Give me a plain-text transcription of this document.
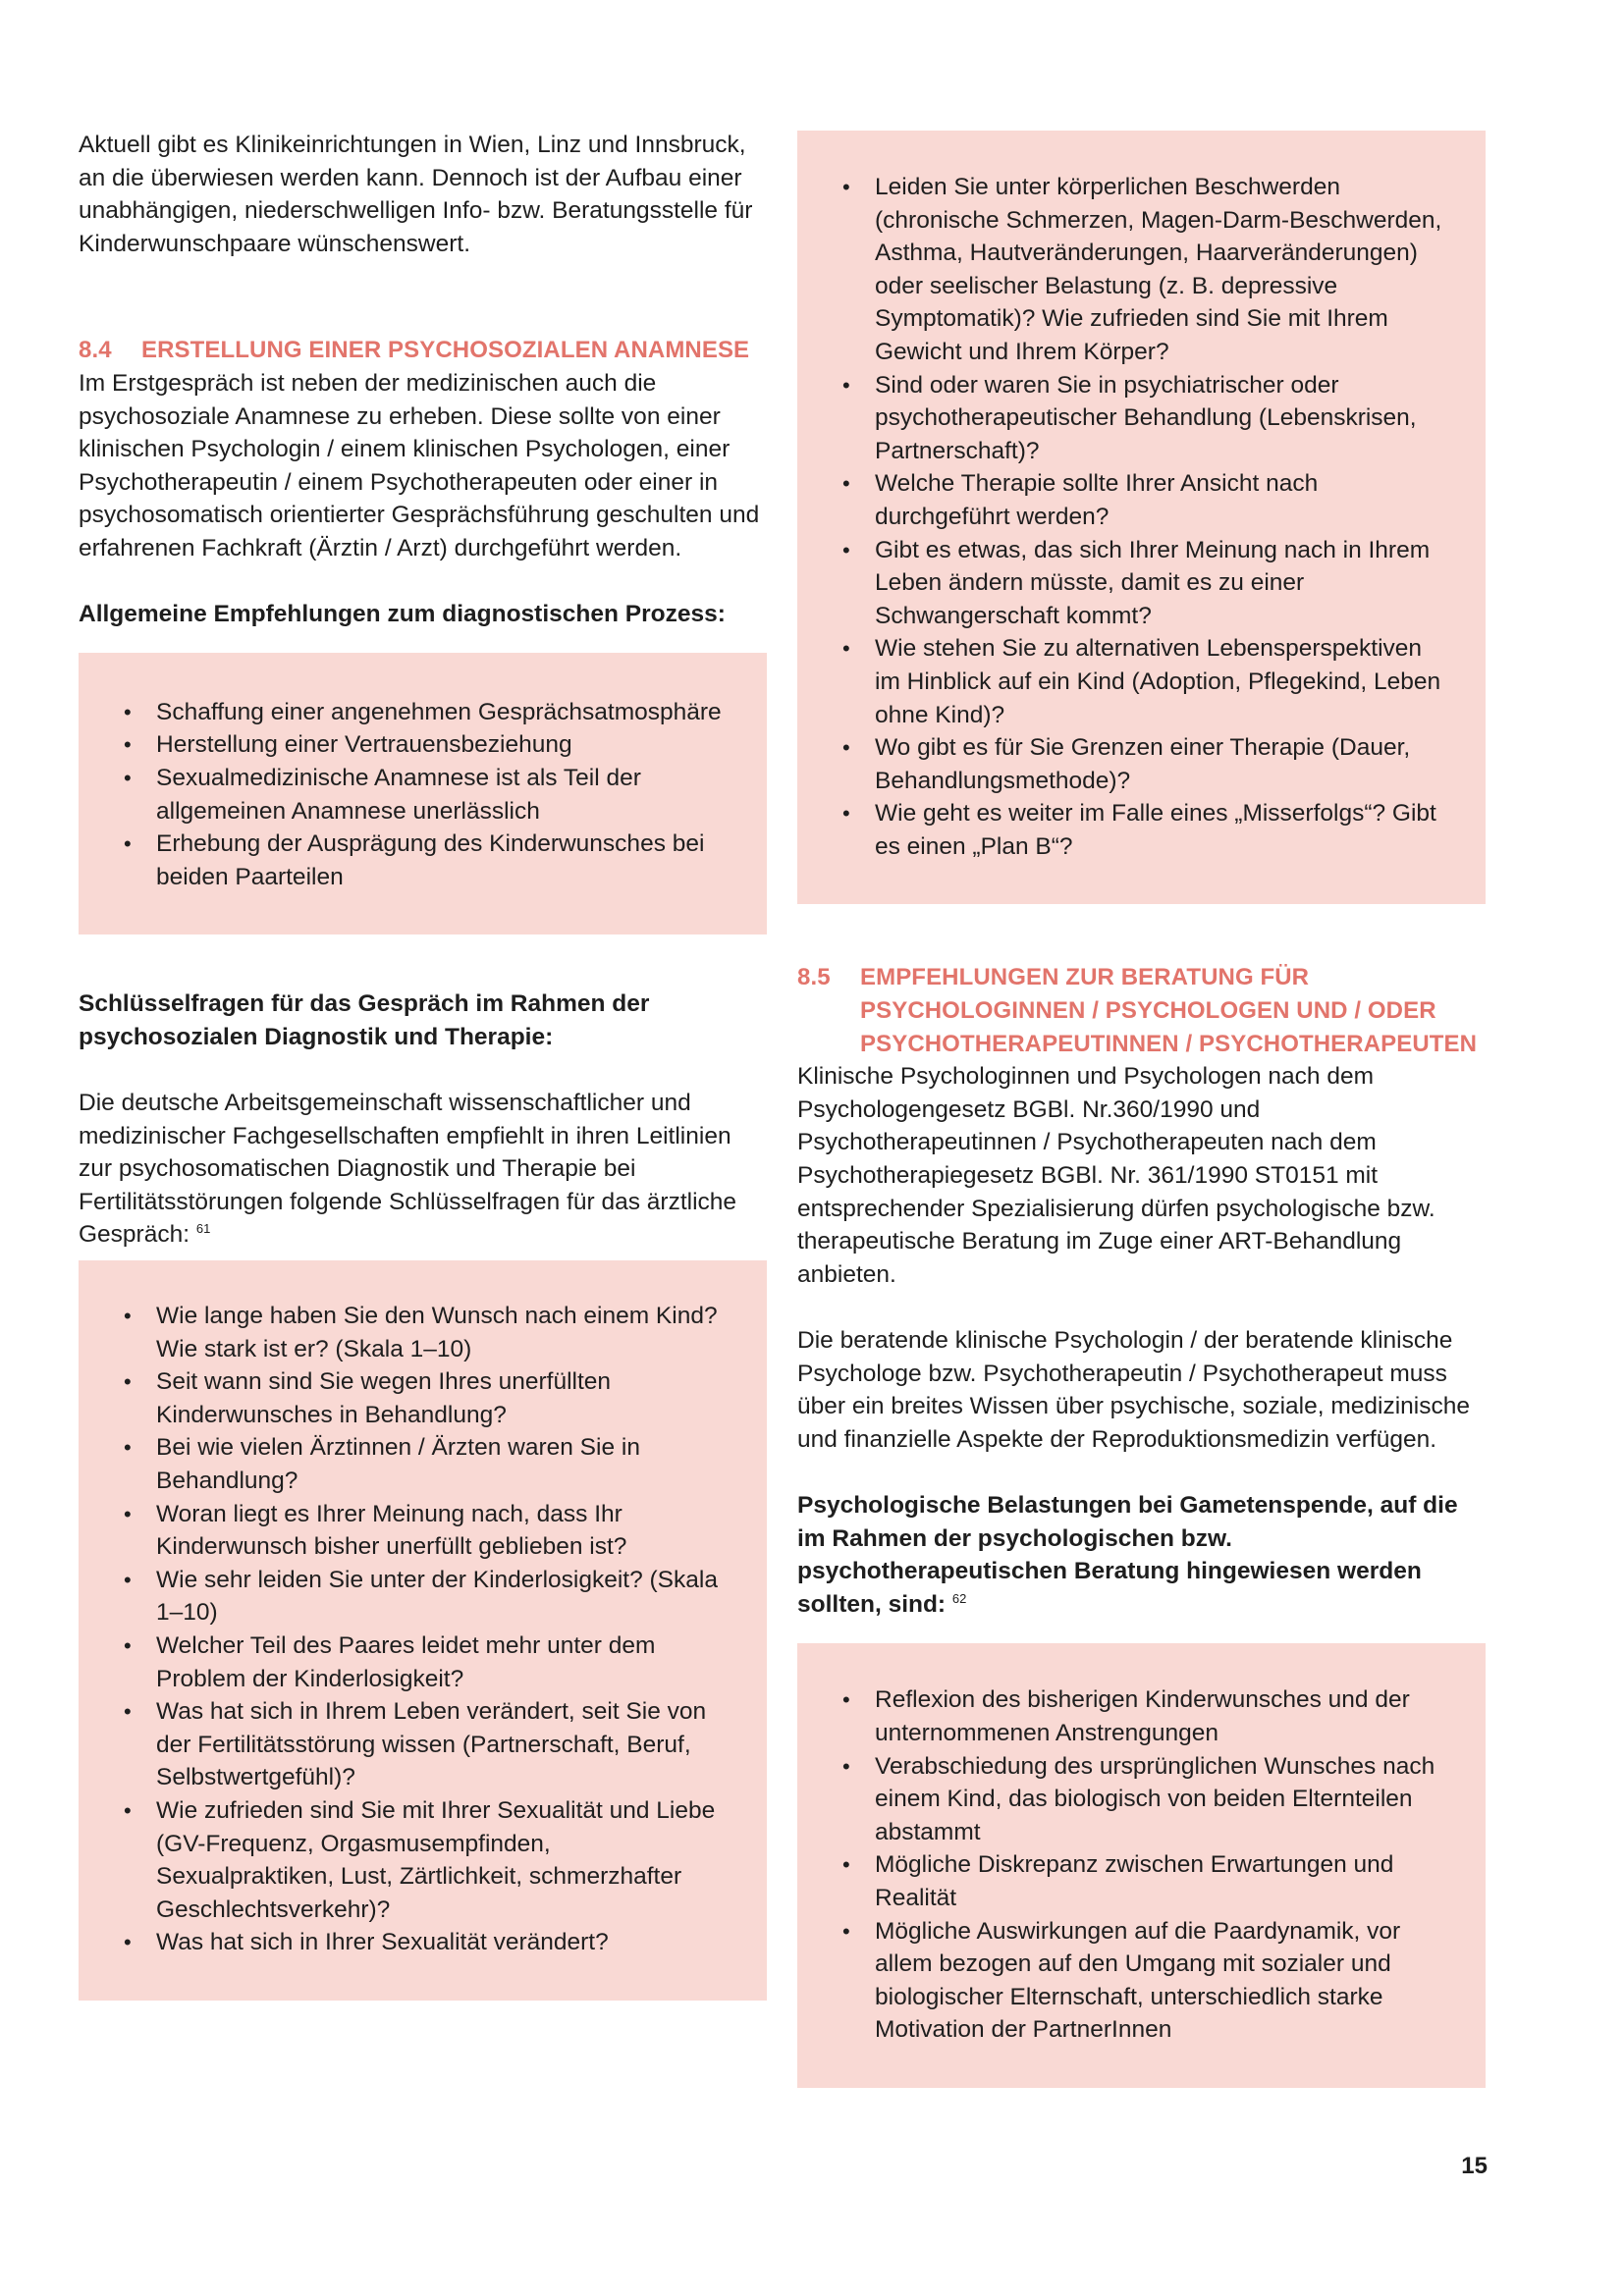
Aktuell gibt es Klinikeinrichtungen in Wien, Linz und Innsbruck, an die überwiesen werden kann. Dennoch ist der Aufbau einer unabhängigen, niederschwelligen Info- bzw. Beratungsstelle für Kinderwunschpaare wünschenswert.

8.4	ERSTELLUNG EINER PSYCHOSOZIALEN ANAMNESE

Im Erstgespräch ist neben der medizinischen auch die psychosoziale Anamnese zu erheben. Diese sollte von einer klinischen Psychologin / einem klinischen Psychologen, einer Psychotherapeutin / einem Psychotherapeuten oder einer in psychosomatisch orientierter Gesprächsführung geschulten und erfahrenen Fachkraft (Ärztin / Arzt) durchgeführt werden.

Allgemeine Empfehlungen zum diagnostischen Prozess:

• Schaffung einer angenehmen Gesprächsatmosphäre
• Herstellung einer Vertrauensbeziehung
• Sexualmedizinische Anamnese ist als Teil der allgemeinen Anamnese unerlässlich
• Erhebung der Ausprägung des Kinderwunsches bei beiden Paarteilen

Schlüsselfragen für das Gespräch im Rahmen der psychosozialen Diagnostik und Therapie:

Die deutsche Arbeitsgemeinschaft wissenschaftlicher und medizinischer Fachgesellschaften empfiehlt in ihren Leitlinien zur psychosomatischen Diagnostik und Therapie bei Fertilitätsstörungen folgende Schlüsselfragen für das ärztliche Gespräch: $^{61}$

• Wie lange haben Sie den Wunsch nach einem Kind? Wie stark ist er? (Skala 1–10)
• Seit wann sind Sie wegen Ihres unerfüllten Kinderwunsches in Behandlung?
• Bei wie vielen Ärztinnen / Ärzten waren Sie in Behandlung?
• Woran liegt es Ihrer Meinung nach, dass Ihr Kinderwunsch bisher unerfüllt geblieben ist?
• Wie sehr leiden Sie unter der Kinderlosigkeit? (Skala 1–10)
• Welcher Teil des Paares leidet mehr unter dem Problem der Kinderlosigkeit?
• Was hat sich in Ihrem Leben verändert, seit Sie von der Fertilitätsstörung wissen (Partnerschaft, Beruf, Selbstwertgefühl)?
• Wie zufrieden sind Sie mit Ihrer Sexualität und Liebe (GV-Frequenz, Orgasmusempfinden, Sexualpraktiken, Lust, Zärtlichkeit, schmerzhafter Geschlechtsverkehr)?
• Was hat sich in Ihrer Sexualität verändert?
• Leiden Sie unter körperlichen Beschwerden (chronische Schmerzen, Magen-Darm-Beschwerden, Asthma, Hautveränderungen, Haarveränderungen) oder seelischer Belastung (z. B. depressive Symptomatik)? Wie zufrieden sind Sie mit Ihrem Gewicht und Ihrem Körper?
• Sind oder waren Sie in psychiatrischer oder psychotherapeutischer Behandlung (Lebenskrisen, Partnerschaft)?
• Welche Therapie sollte Ihrer Ansicht nach durchgeführt werden?
• Gibt es etwas, das sich Ihrer Meinung nach in Ihrem Leben ändern müsste, damit es zu einer Schwangerschaft kommt?
• Wie stehen Sie zu alternativen Lebensperspektiven im Hinblick auf ein Kind (Adoption, Pflegekind, Leben ohne Kind)?
• Wo gibt es für Sie Grenzen einer Therapie (Dauer, Behandlungsmethode)?
• Wie geht es weiter im Falle eines „Misserfolgs“? Gibt es einen „Plan B“?
8.5	EMPFEHLUNGEN ZUR BERATUNG FÜR PSYCHOLOGINNEN / PSYCHOLOGEN UND / ODER PSYCHOTHERAPEUTINNEN / PSYCHOTHERAPEUTEN

Klinische Psychologinnen und Psychologen nach dem Psychologengesetz BGBl. Nr.360/1990 und Psychotherapeutinnen / Psychotherapeuten nach dem Psychotherapiegesetz BGBl. Nr. 361/1990 ST0151 mit entsprechender Spezialisierung dürfen psychologische bzw. therapeutische Beratung im Zuge einer ART-Behandlung anbieten.

Die beratende klinische Psychologin / der beratende klinische Psychologe bzw. Psychotherapeutin / Psychotherapeut muss über ein breites Wissen über psychische, soziale, medizinische und finanzielle Aspekte der Reproduktionsmedizin verfügen.

Psychologische Belastungen bei Gametenspende, auf die im Rahmen der psychologischen bzw. psychotherapeutischen Beratung hingewiesen werden sollten, sind: $^{62}$

• Reflexion des bisherigen Kinderwunsches und der unternommenen Anstrengungen
• Verabschiedung des ursprünglichen Wunsches nach einem Kind, das biologisch von beiden Elternteilen abstammt
• Mögliche Diskrepanz zwischen Erwartungen und Realität
• Mögliche Auswirkungen auf die Paardynamik, vor allem bezogen auf den Umgang mit sozialer und biologischer Elternschaft, unterschiedlich starke Motivation der PartnerInnen
15
